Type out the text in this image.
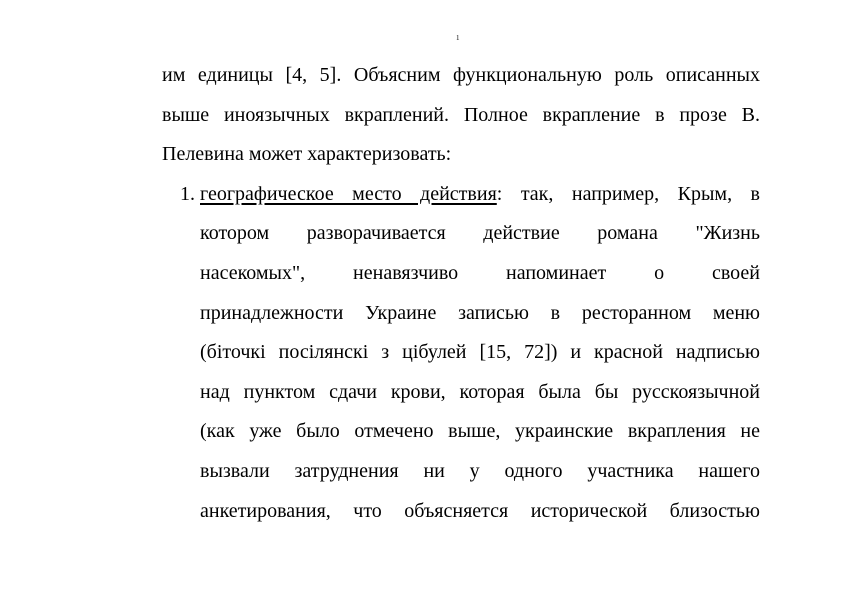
1
им единицы [4, 5]. Объясним функциональную роль описанных
выше иноязычных вкраплений. Полное вкрапление в прозе В.
Пелевина может характеризовать:
1. географическое место действия: так, например, Крым, в
котором разворачивается действие романа "Жизнь
насекомых", ненавязчиво напоминает о своей
принадлежности Украине записью в ресторанном меню
(біточкі посілянскі з цібулей [15, 72]) и красной надписью
над пунктом сдачи крови, которая была бы русскоязычной
(как уже было отмечено выше, украинские вкрапления не
вызвали затруднения ни у одного участника нашего
анкетирования, что объясняется исторической близостью
